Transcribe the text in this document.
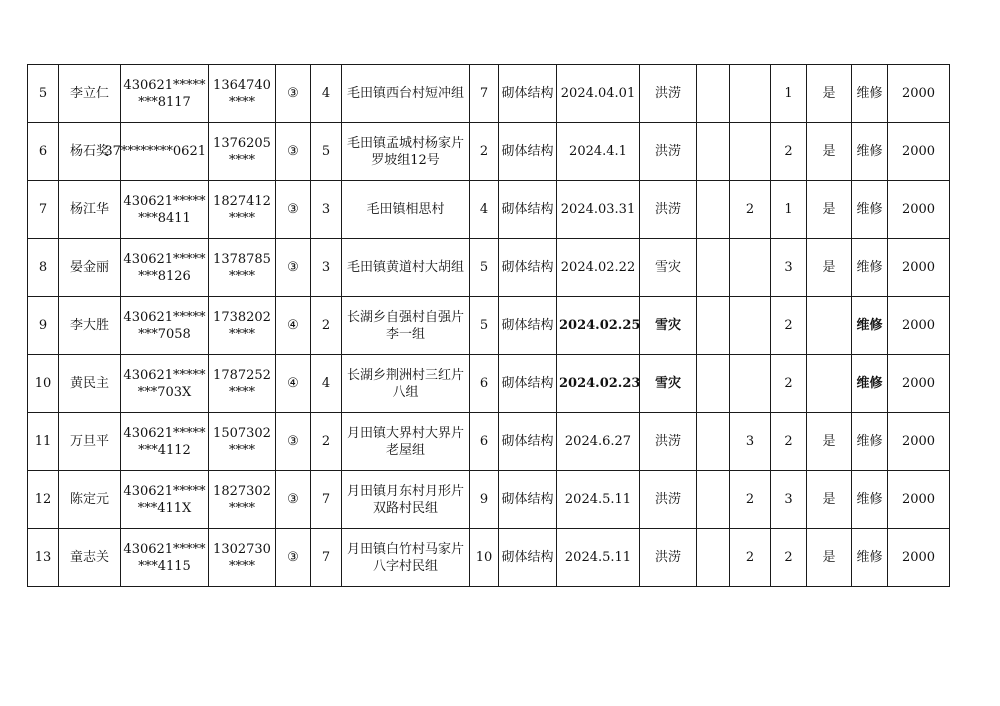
5	李立仁	430621********8117	1364740****	③	4	毛田镇西台村短冲组	7	砌体结构	2024.04.01	洪涝			1	是	维修	2000
6	杨石奖	0621********37	1376205****	③	5	毛田镇孟城村杨家片罗坡组12号	2	砌体结构	2024.4.1	洪涝			2	是	维修	2000
7	杨江华	430621********8411	1827412****	③	3	毛田镇相思村	4	砌体结构	2024.03.31	洪涝		2	1	是	维修	2000
8	晏金丽	430621********8126	1378785****	③	3	毛田镇黄道村大胡组	5	砌体结构	2024.02.22	雪灾			3	是	维修	2000
9	李大胜	430621********7058	1738202****	④	2	长湖乡自强村自强片李一组	5	砌体结构	2024.02.25	雪灾			2		维修	2000
10	黄民主	430621********703X	1787252****	④	4	长湖乡荆洲村三红片八组	6	砌体结构	2024.02.23	雪灾			2		维修	2000
11	万旦平	430621********4112	1507302****	③	2	月田镇大界村大界片老屋组	6	砌体结构	2024.6.27	洪涝		3	2	是	维修	2000
12	陈定元	430621********411X	1827302****	③	7	月田镇月东村月形片双路村民组	9	砌体结构	2024.5.11	洪涝		2	3	是	维修	2000
13	童志关	430621********4115	1302730****	③	7	月田镇白竹村马家片八字村民组	10	砌体结构	2024.5.11	洪涝		2	2	是	维修	2000
